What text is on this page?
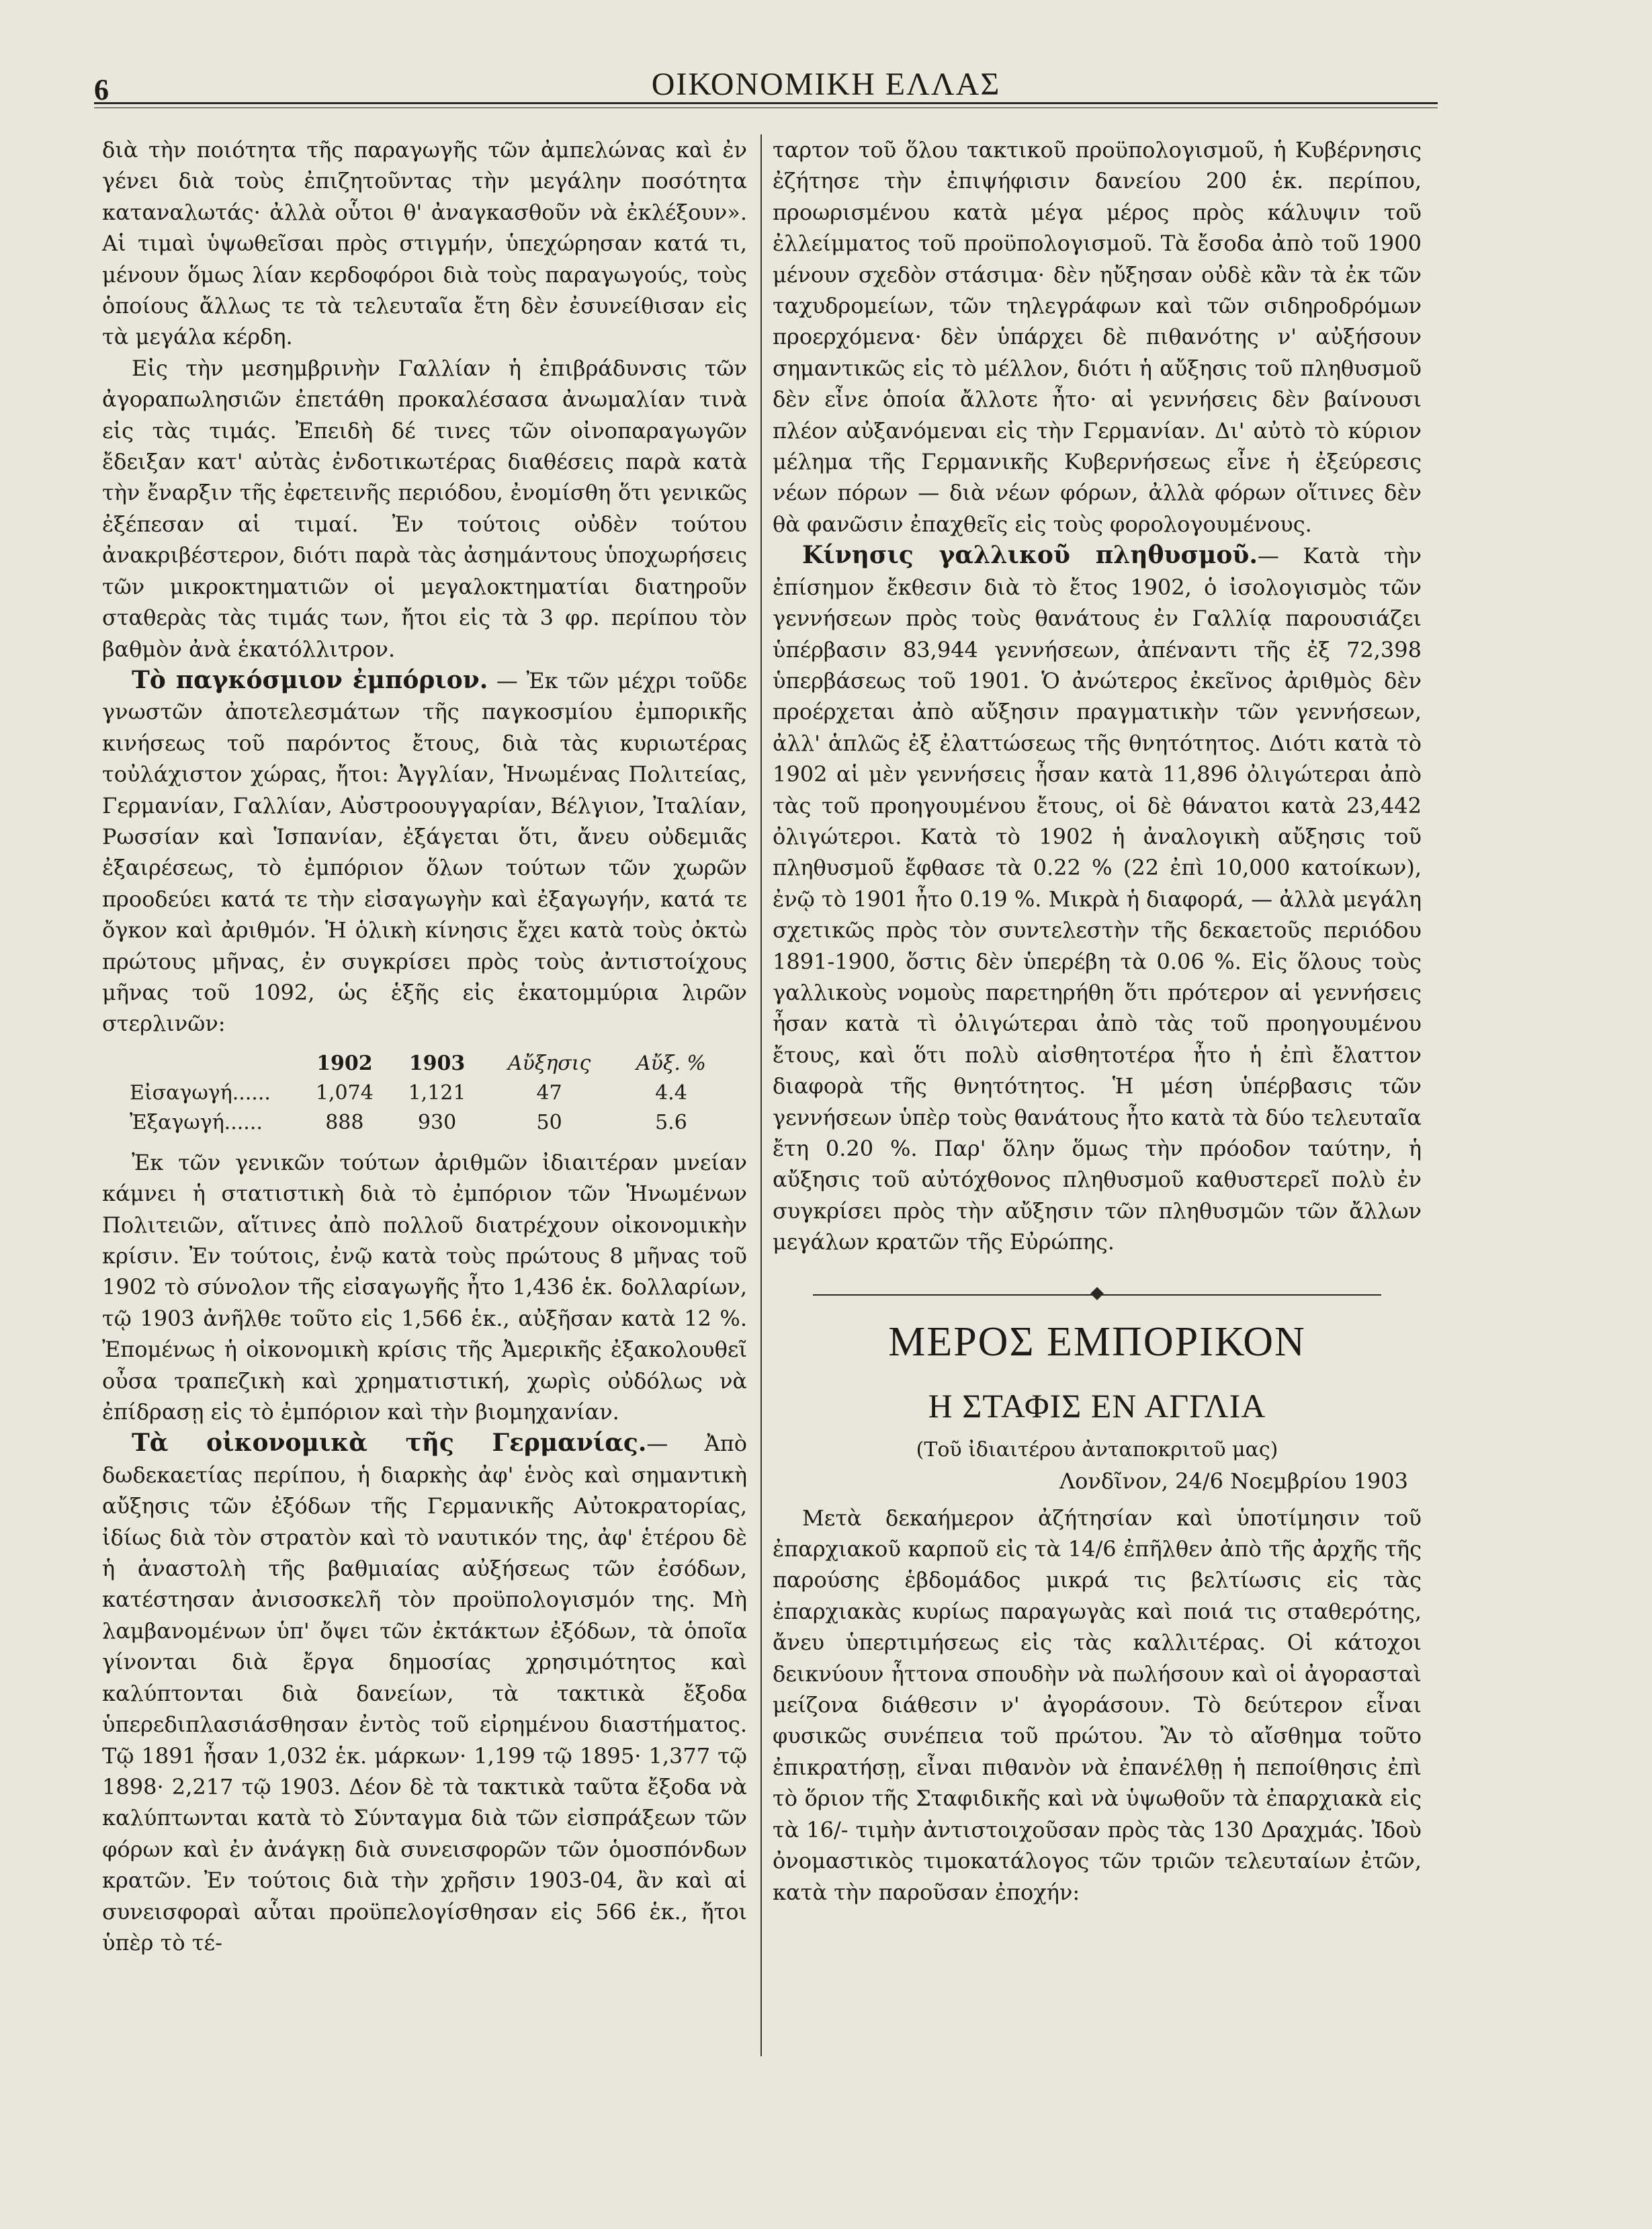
6	ΟΙΚΟΝΟΜΙΚΗ ΕΛΛΑΣ

διὰ τὴν ποιότητα τῆς παραγωγῆς τῶν ἀμπελώνας καὶ ἐν γένει διὰ τοὺς ἐπιζητοῦντας τὴν μεγάλην ποσότητα καταναλωτάς· ἀλλὰ οὗτοι θ' ἀναγκασθοῦν νὰ ἐκλέξουν». Αἱ τιμαὶ ὑψωθεῖσαι πρὸς στιγμήν, ὑπεχώρησαν κατά τι, μένουν ὅμως λίαν κερδοφόροι διὰ τοὺς παραγωγούς, τοὺς ὁποίους ἄλλως τε τὰ τελευταῖα ἔτη δὲν ἐσυνείθισαν εἰς τὰ μεγάλα κέρδη.

Εἰς τὴν μεσημβρινὴν Γαλλίαν ἡ ἐπιβράδυνσις τῶν ἀγοραπωλησιῶν ἐπετάθη προκαλέσασα ἀνωμαλίαν τινὰ εἰς τὰς τιμάς. Ἐπειδὴ δέ τινες τῶν οἰνοπαραγωγῶν ἔδειξαν κατ' αὐτὰς ἐνδοτικωτέρας διαθέσεις παρὰ κατὰ τὴν ἔναρξιν τῆς ἐφετεινῆς περιόδου, ἐνομίσθη ὅτι γενικῶς ἐξέπεσαν αἱ τιμαί. Ἐν τούτοις οὐδὲν τούτου ἀνακριβέστερον, διότι παρὰ τὰς ἀσημάντους ὑποχωρήσεις τῶν μικροκτηματιῶν οἱ μεγαλοκτηματίαι διατηροῦν σταθερὰς τὰς τιμάς των, ἤτοι εἰς τὰ 3 φρ. περίπου τὸν βαθμὸν ἀνὰ ἑκατόλλιτρον.

Τὸ παγκόσμιον ἐμπόριον. — Ἐκ τῶν μέχρι τοῦδε γνωστῶν ἀποτελεσμάτων τῆς παγκοσμίου ἐμπορικῆς κινήσεως τοῦ παρόντος ἔτους, διὰ τὰς κυριωτέρας τοὐλάχιστον χώρας, ἤτοι: Ἀγγλίαν, Ἡνωμένας Πολιτείας, Γερμανίαν, Γαλλίαν, Αὐστροουγγαρίαν, Βέλγιον, Ἰταλίαν, Ρωσσίαν καὶ Ἱσπανίαν, ἐξάγεται ὅτι, ἄνευ οὐδεμιᾶς ἐξαιρέσεως, τὸ ἐμπόριον ὅλων τούτων τῶν χωρῶν προοδεύει κατά τε τὴν εἰσαγωγὴν καὶ ἐξαγωγήν, κατά τε ὄγκον καὶ ἀριθμόν. Ἡ ὁλικὴ κίνησις ἔχει κατὰ τοὺς ὀκτὼ πρώτους μῆνας, ἐν συγκρίσει πρὸς τοὺς ἀντιστοίχους μῆνας τοῦ 1092, ὡς ἑξῆς εἰς ἑκατομμύρια λιρῶν στερλινῶν:

	1902	1903	Αὔξησις	Αὔξ. %
Εἰσαγωγή......	1,074	1,121	47	4.4
Ἐξαγωγή......	888	930	50	5.6

Ἐκ τῶν γενικῶν τούτων ἀριθμῶν ἰδιαιτέραν μνείαν κάμνει ἡ στατιστικὴ διὰ τὸ ἐμπόριον τῶν Ἡνωμένων Πολιτειῶν, αἵτινες ἀπὸ πολλοῦ διατρέχουν οἰκονομικὴν κρίσιν. Ἐν τούτοις, ἐνῷ κατὰ τοὺς πρώτους 8 μῆνας τοῦ 1902 τὸ σύνολον τῆς εἰσαγωγῆς ἦτο 1,436 ἑκ. δολλαρίων, τῷ 1903 ἀνῆλθε τοῦτο εἰς 1,566 ἑκ., αὐξῆσαν κατὰ 12 %. Ἐπομένως ἡ οἰκονομικὴ κρίσις τῆς Ἀμερικῆς ἐξακολουθεῖ οὖσα τραπεζικὴ καὶ χρηματιστική, χωρὶς οὐδόλως νὰ ἐπίδρασῃ εἰς τὸ ἐμπόριον καὶ τὴν βιομηχανίαν.

Τὰ οἰκονομικὰ τῆς Γερμανίας.— Ἀπὸ δωδεκαετίας περίπου, ἡ διαρκὴς ἀφ' ἑνὸς καὶ σημαντικὴ αὔξησις τῶν ἐξόδων τῆς Γερμανικῆς Αὐτοκρατορίας, ἰδίως διὰ τὸν στρατὸν καὶ τὸ ναυτικόν της, ἀφ' ἑτέρου δὲ ἡ ἀναστολὴ τῆς βαθμιαίας αὐξήσεως τῶν ἐσόδων, κατέστησαν ἀνισοσκελῆ τὸν προϋπολογισμόν της. Μὴ λαμβανομένων ὑπ' ὄψει τῶν ἐκτάκτων ἐξόδων, τὰ ὁποῖα γίνονται διὰ ἔργα δημοσίας χρησιμότητος καὶ καλύπτονται διὰ δανείων, τὰ τακτικὰ ἔξοδα ὑπερεδιπλασιάσθησαν ἐντὸς τοῦ εἰρημένου διαστήματος. Τῷ 1891 ἦσαν 1,032 ἑκ. μάρκων· 1,199 τῷ 1895· 1,377 τῷ 1898· 2,217 τῷ 1903. Δέον δὲ τὰ τακτικὰ ταῦτα ἔξοδα νὰ καλύπτωνται κατὰ τὸ Σύνταγμα διὰ τῶν εἰσπράξεων τῶν φόρων καὶ ἐν ἀνάγκῃ διὰ συνεισφορῶν τῶν ὁμοσπόνδων κρατῶν. Ἐν τούτοις διὰ τὴν χρῆσιν 1903-04, ἂν καὶ αἱ συνεισφοραὶ αὗται προϋπελογίσθησαν εἰς 566 ἑκ., ἤτοι ὑπὲρ τὸ τέ-

ταρτον τοῦ ὅλου τακτικοῦ προϋπολογισμοῦ, ἡ Κυβέρνησις ἐζήτησε τὴν ἐπιψήφισιν δανείου 200 ἑκ. περίπου, προωρισμένου κατὰ μέγα μέρος πρὸς κάλυψιν τοῦ ἐλλείμματος τοῦ προϋπολογισμοῦ. Τὰ ἔσοδα ἀπὸ τοῦ 1900 μένουν σχεδὸν στάσιμα· δὲν ηὔξησαν οὐδὲ κἂν τὰ ἐκ τῶν ταχυδρομείων, τῶν τηλεγράφων καὶ τῶν σιδηροδρόμων προερχόμενα· δὲν ὑπάρχει δὲ πιθανότης ν' αὐξήσουν σημαντικῶς εἰς τὸ μέλλον, διότι ἡ αὔξησις τοῦ πληθυσμοῦ δὲν εἶνε ὁποία ἄλλοτε ἦτο· αἱ γεννήσεις δὲν βαίνουσι πλέον αὐξανόμεναι εἰς τὴν Γερμανίαν. Δι' αὐτὸ τὸ κύριον μέλημα τῆς Γερμανικῆς Κυβερνήσεως εἶνε ἡ ἐξεύρεσις νέων πόρων — διὰ νέων φόρων, ἀλλὰ φόρων οἵτινες δὲν θὰ φανῶσιν ἐπαχθεῖς εἰς τοὺς φορολογουμένους.

Κίνησις γαλλικοῦ πληθυσμοῦ.— Κατὰ τὴν ἐπίσημον ἔκθεσιν διὰ τὸ ἔτος 1902, ὁ ἰσολογισμὸς τῶν γεννήσεων πρὸς τοὺς θανάτους ἐν Γαλλίᾳ παρουσιάζει ὑπέρβασιν 83,944 γεννήσεων, ἀπέναντι τῆς ἐξ 72,398 ὑπερβάσεως τοῦ 1901. Ὁ ἀνώτερος ἐκεῖνος ἀριθμὸς δὲν προέρχεται ἀπὸ αὔξησιν πραγματικὴν τῶν γεννήσεων, ἀλλ' ἁπλῶς ἐξ ἐλαττώσεως τῆς θνητότητος. Διότι κατὰ τὸ 1902 αἱ μὲν γεννήσεις ἦσαν κατὰ 11,896 ὀλιγώτεραι ἀπὸ τὰς τοῦ προηγουμένου ἔτους, οἱ δὲ θάνατοι κατὰ 23,442 ὀλιγώτεροι. Κατὰ τὸ 1902 ἡ ἀναλογικὴ αὔξησις τοῦ πληθυσμοῦ ἔφθασε τὰ 0.22 % (22 ἐπὶ 10,000 κατοίκων), ἐνῷ τὸ 1901 ἦτο 0.19 %. Μικρὰ ἡ διαφορά, — ἀλλὰ μεγάλη σχετικῶς πρὸς τὸν συντελεστὴν τῆς δεκαετοῦς περιόδου 1891-1900, ὅστις δὲν ὑπερέβη τὰ 0.06 %. Εἰς ὅλους τοὺς γαλλικοὺς νομοὺς παρετηρήθη ὅτι πρότερον αἱ γεννήσεις ἦσαν κατὰ τὶ ὀλιγώτεραι ἀπὸ τὰς τοῦ προηγουμένου ἔτους, καὶ ὅτι πολὺ αἰσθητοτέρα ἦτο ἡ ἐπὶ ἔλαττον διαφορὰ τῆς θνητότητος. Ἡ μέση ὑπέρβασις τῶν γεννήσεων ὑπὲρ τοὺς θανάτους ἦτο κατὰ τὰ δύο τελευταῖα ἔτη 0.20 %. Παρ' ὅλην ὅμως τὴν πρόοδον ταύτην, ἡ αὔξησις τοῦ αὐτόχθονος πληθυσμοῦ καθυστερεῖ πολὺ ἐν συγκρίσει πρὸς τὴν αὔξησιν τῶν πληθυσμῶν τῶν ἄλλων μεγάλων κρατῶν τῆς Εὐρώπης.

ΜΕΡΟΣ ΕΜΠΟΡΙΚΟΝ
Η ΣΤΑΦΙΣ ΕΝ ΑΓΓΛΙΑ
(Τοῦ ἰδιαιτέρου ἀνταποκριτοῦ μας)
Λονδῖνον, 24/6 Νοεμβρίου 1903

Μετὰ δεκαήμερον ἀζήτησίαν καὶ ὑποτίμησιν τοῦ ἐπαρχιακοῦ καρποῦ εἰς τὰ 14/6 ἐπῆλθεν ἀπὸ τῆς ἀρχῆς τῆς παρούσης ἑβδομάδος μικρά τις βελτίωσις εἰς τὰς ἐπαρχιακὰς κυρίως παραγωγὰς καὶ ποιά τις σταθερότης, ἄνευ ὑπερτιμήσεως εἰς τὰς καλλιτέρας. Οἱ κάτοχοι δεικνύουν ἧττονα σπουδὴν νὰ πωλήσουν καὶ οἱ ἀγορασταὶ μείζονα διάθεσιν ν' ἀγοράσουν. Τὸ δεύτερον εἶναι φυσικῶς συνέπεια τοῦ πρώτου. Ἂν τὸ αἴσθημα τοῦτο ἐπικρατήσῃ, εἶναι πιθανὸν νὰ ἐπανέλθῃ ἡ πεποίθησις ἐπὶ τὸ ὅριον τῆς Σταφιδικῆς καὶ νὰ ὑψωθοῦν τὰ ἐπαρχιακὰ εἰς τὰ 16/- τιμὴν ἀντιστοιχοῦσαν πρὸς τὰς 130 Δραχμάς. Ἰδοὺ ὀνομαστικὸς τιμοκατάλογος τῶν τριῶν τελευταίων ἐτῶν, κατὰ τὴν παροῦσαν ἐποχήν:
